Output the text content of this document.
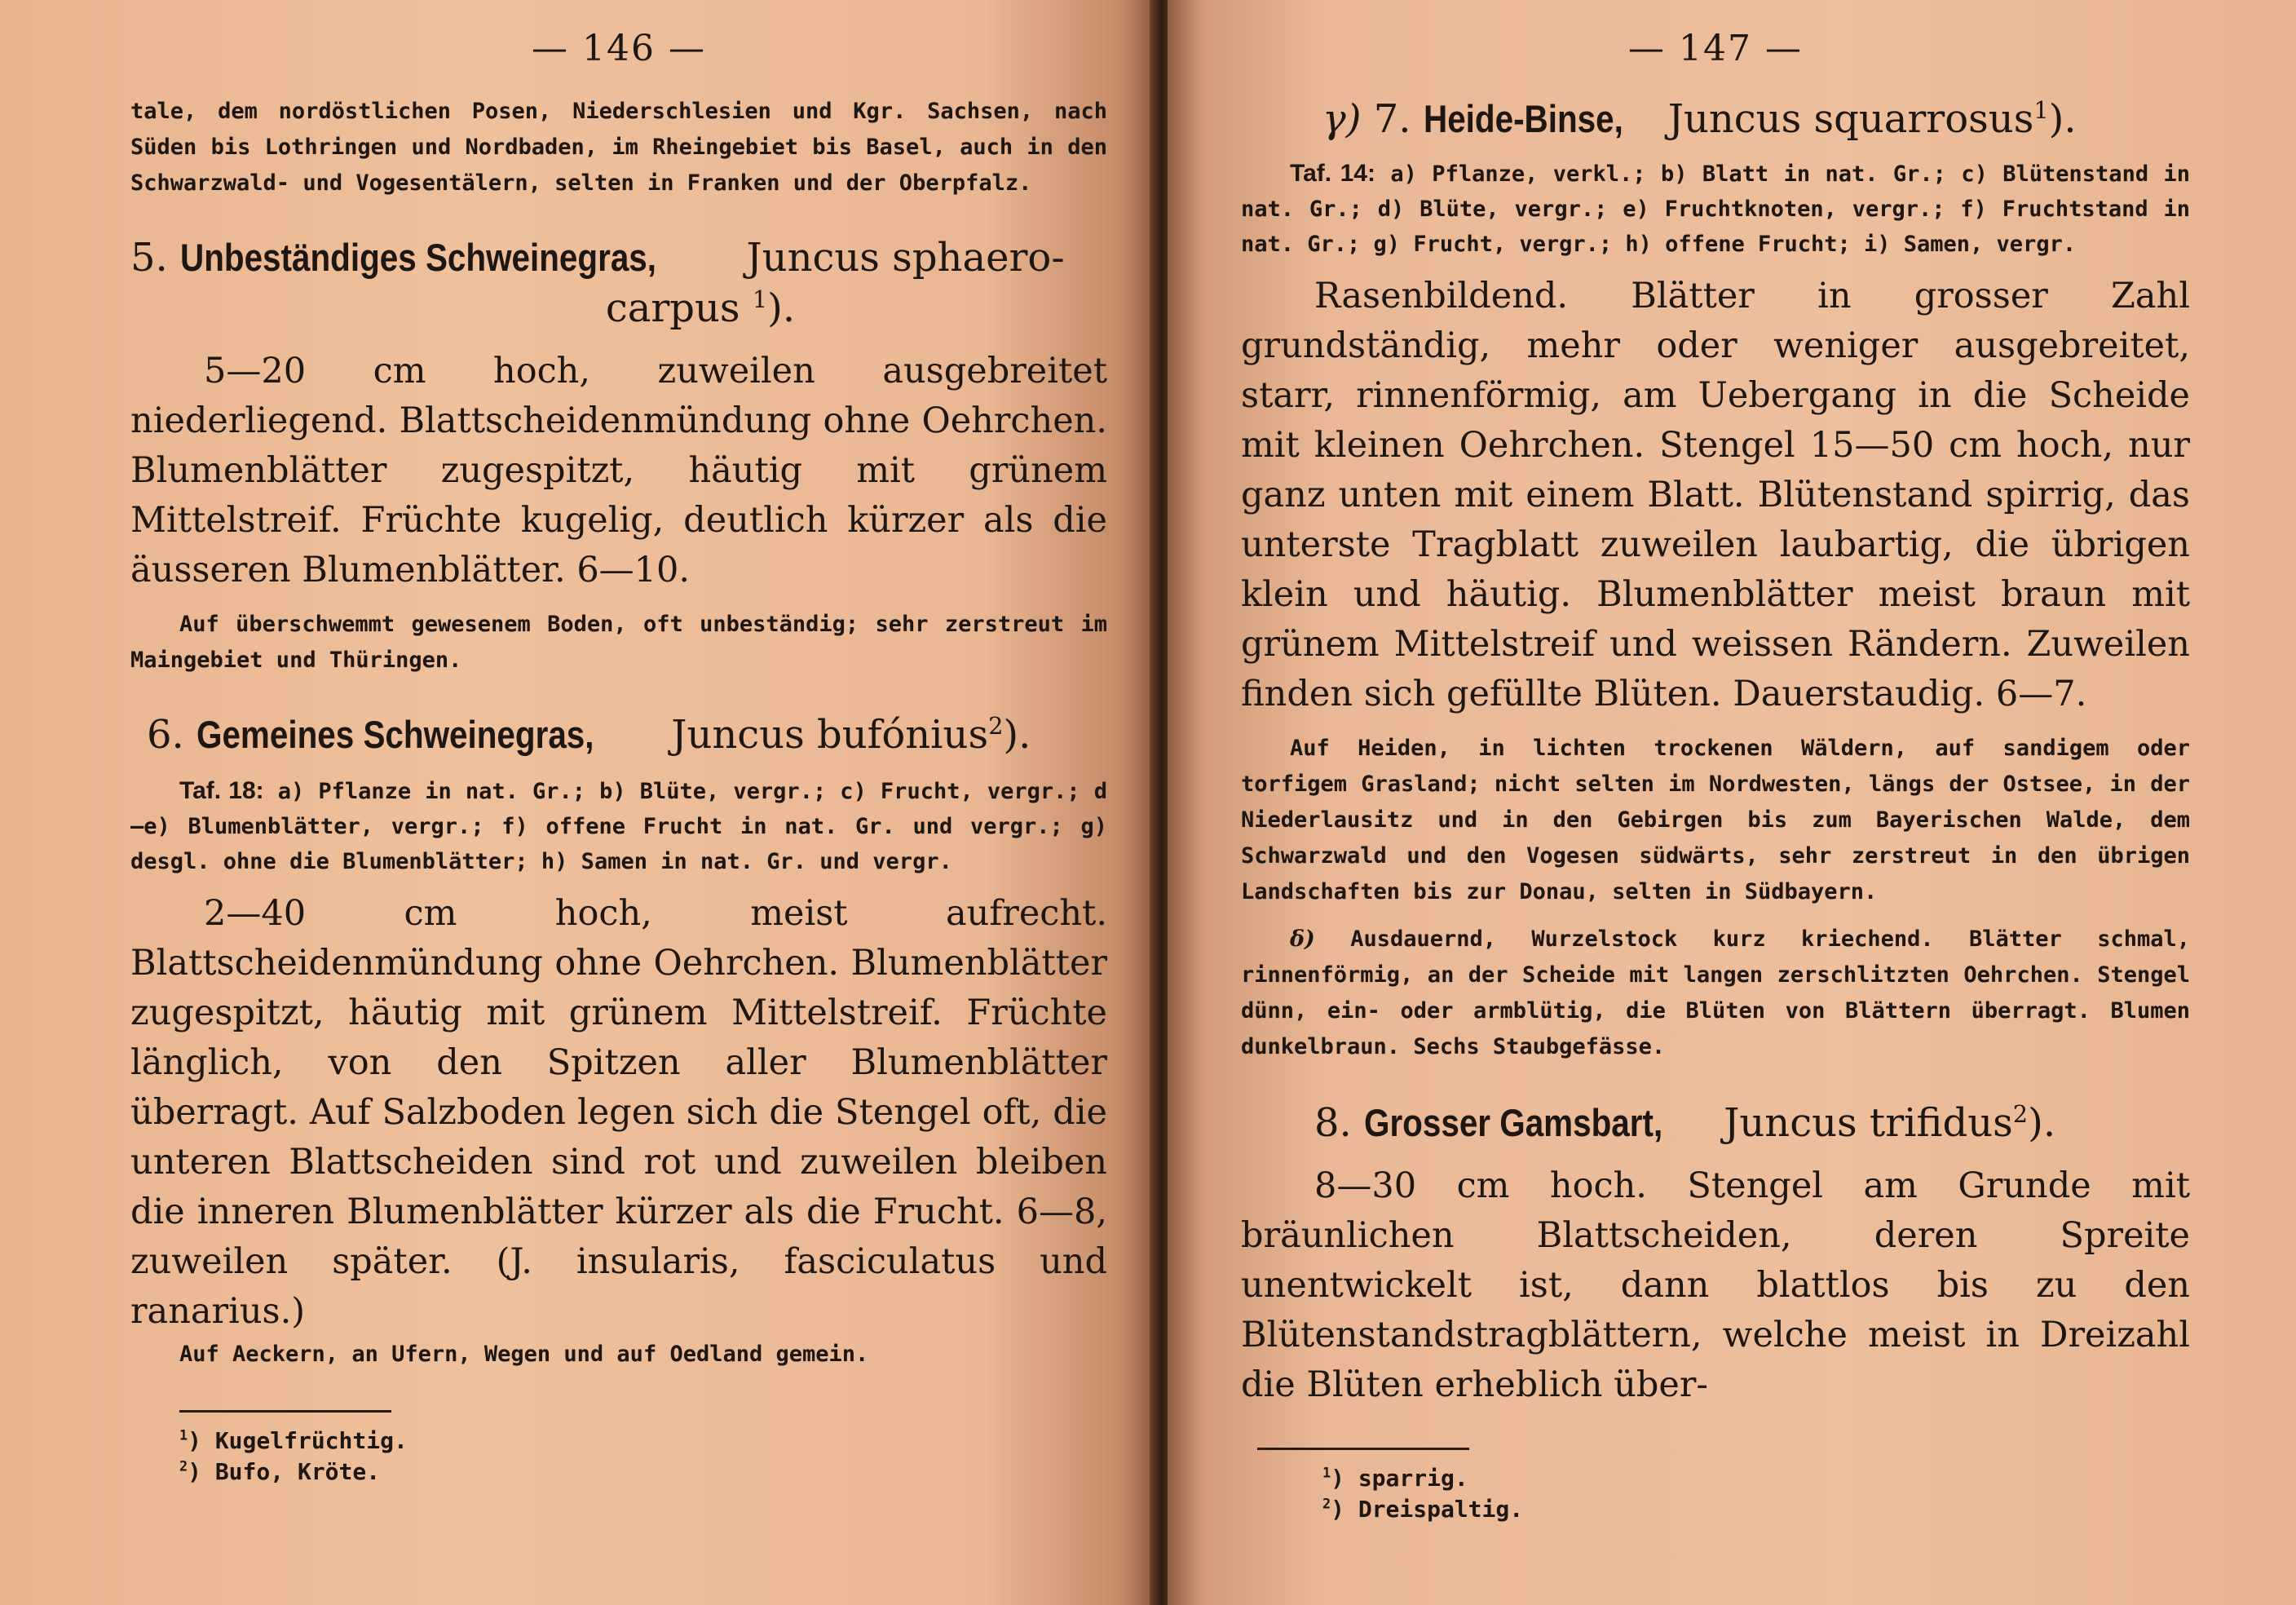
— 146 —

tale, dem nordöstlichen Posen, Niederschlesien und Kgr. Sachsen, nach Süden bis Lothringen und Nordbaden, im Rheingebiet bis Basel, auch in den Schwarzwald- und Vogesentälern, selten in Franken und der Oberpfalz.

5. Unbeständiges Schweinegras, Juncus sphaero-
carpus $^1$).

5—20 cm hoch, zuweilen ausgebreitet niederliegend. Blattscheidenmündung ohne Oehrchen. Blumenblätter zugespitzt, häutig mit grünem Mittelstreif. Früchte kugelig, deutlich kürzer als die äusseren Blumenblätter. 6—10.

Auf überschwemmt gewesenem Boden, oft unbeständig; sehr zerstreut im Maingebiet und Thüringen.

6. Gemeines Schweinegras, Juncus bufónius$^2$).

Taf. 18: a) Pflanze in nat. Gr.; b) Blüte, vergr.; c) Frucht, vergr.; d—e) Blumenblätter, vergr.; f) offene Frucht in nat. Gr. und vergr.; g) desgl. ohne die Blumenblätter; h) Samen in nat. Gr. und vergr.

2—40 cm hoch, meist aufrecht. Blattscheidenmündung ohne Oehrchen. Blumenblätter zugespitzt, häutig mit grünem Mittelstreif. Früchte länglich, von den Spitzen aller Blumenblätter überragt. Auf Salzboden legen sich die Stengel oft, die unteren Blattscheiden sind rot und zuweilen bleiben die inneren Blumenblätter kürzer als die Frucht. 6—8, zuweilen später. (J. insularis, fasciculatus und ranarius.)

Auf Aeckern, an Ufern, Wegen und auf Oedland gemein.

$^1$) Kugelfrüchtig.

$^2$) Bufo, Kröte.

— 147 —
γ) 7. Heide-Binse, Juncus squarrosus$^1$).

Taf. 14: a) Pflanze, verkl.; b) Blatt in nat. Gr.; c) Blütenstand in nat. Gr.; d) Blüte, vergr.; e) Fruchtknoten, vergr.; f) Fruchtstand in nat. Gr.; g) Frucht, vergr.; h) offene Frucht; i) Samen, vergr.

Rasenbildend. Blätter in grosser Zahl grundständig, mehr oder weniger ausgebreitet, starr, rinnenförmig, am Uebergang in die Scheide mit kleinen Oehrchen. Stengel 15—50 cm hoch, nur ganz unten mit einem Blatt. Blütenstand spirrig, das unterste Tragblatt zuweilen laubartig, die übrigen klein und häutig. Blumenblätter meist braun mit grünem Mittelstreif und weissen Rändern. Zuweilen finden sich gefüllte Blüten. Dauerstaudig. 6—7.

Auf Heiden, in lichten trockenen Wäldern, auf sandigem oder torfigem Grasland; nicht selten im Nordwesten, längs der Ostsee, in der Niederlausitz und in den Gebirgen bis zum Bayerischen Walde, dem Schwarzwald und den Vogesen südwärts, sehr zerstreut in den übrigen Landschaften bis zur Donau, selten in Südbayern.

δ) Ausdauernd, Wurzelstock kurz kriechend. Blätter schmal, rinnenförmig, an der Scheide mit langen zerschlitzten Oehrchen. Stengel dünn, ein- oder armblütig, die Blüten von Blättern überragt. Blumen dunkelbraun. Sechs Staubgefässe.

8. Grosser Gamsbart, Juncus trifidus$^2$).

8—30 cm hoch. Stengel am Grunde mit bräunlichen Blattscheiden, deren Spreite unentwickelt ist, dann blattlos bis zu den Blütenstandstragblättern, welche meist in Dreizahl die Blüten erheblich über-

$^1$) sparrig.

$^2$) Dreispaltig.
